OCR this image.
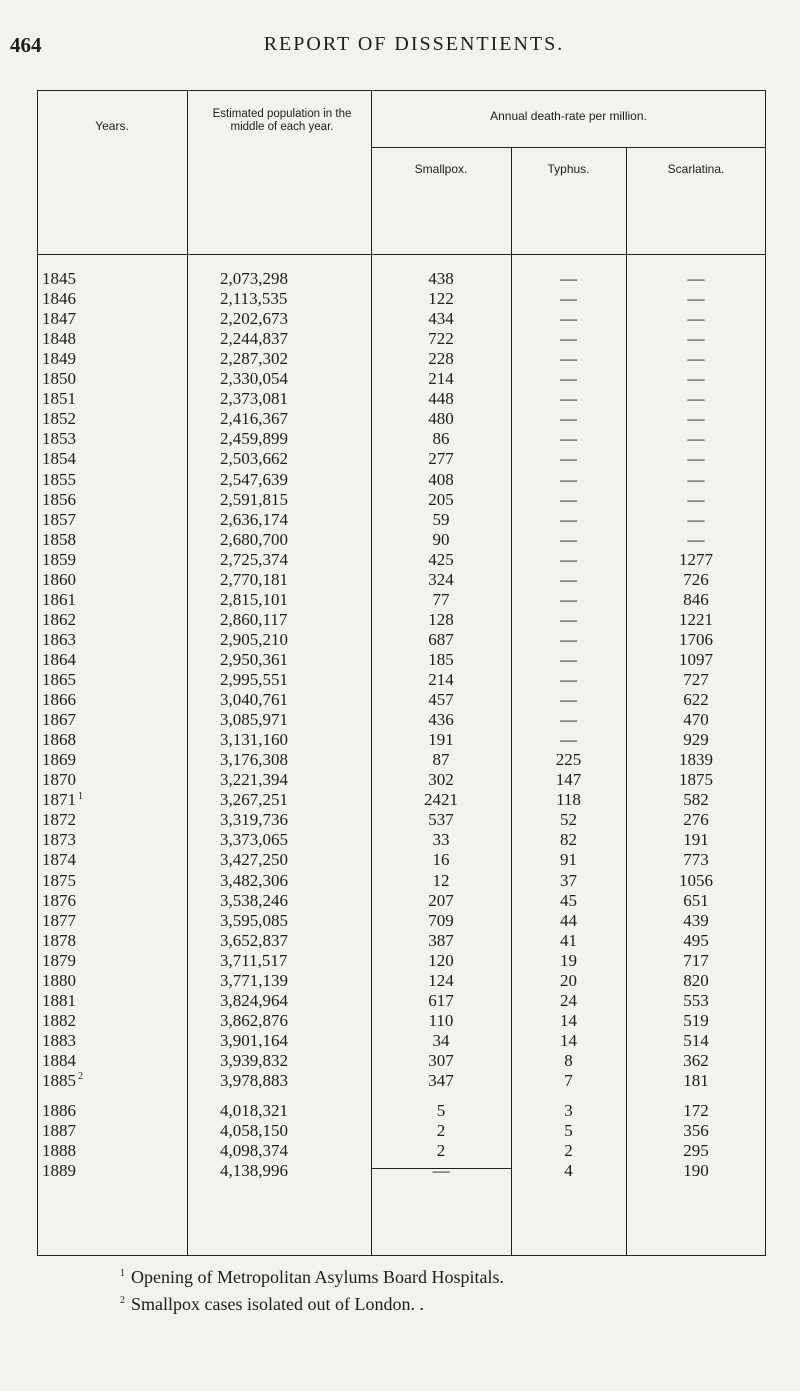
464	REPORT OF DISSENTIENTS.
Years.
Estimated population in the middle of each year.
Annual death-rate per million.
Smallpox.	Typhus.	Scarlatina.
1845	2,073,298	438	—	—
1846	2,113,535	122	—	—
1847	2,202,673	434	—	—
1848	2,244,837	722	—	—
1849	2,287,302	228	—	—
1850	2,330,054	214	—	—
1851	2,373,081	448	—	—
1852	2,416,367	480	—	—
1853	2,459,899	86	—	—
1854	2,503,662	277	—	—
1855	2,547,639	408	—	—
1856	2,591,815	205	—	—
1857	2,636,174	59	—	—
1858	2,680,700	90	—	—
1859	2,725,374	425	—	1277
1860	2,770,181	324	—	726
1861	2,815,101	77	—	846
1862	2,860,117	128	—	1221
1863	2,905,210	687	—	1706
1864	2,950,361	185	—	1097
1865	2,995,551	214	—	727
1866	3,040,761	457	—	622
1867	3,085,971	436	—	470
1868	3,131,160	191	—	929
1869	3,176,308	87	225	1839
1870	3,221,394	302	147	1875
1871 $^1$	3,267,251	2421	118	582
1872	3,319,736	537	52	276
1873	3,373,065	33	82	191
1874	3,427,250	16	91	773
1875	3,482,306	12	37	1056
1876	3,538,246	207	45	651
1877	3,595,085	709	44	439
1878	3,652,837	387	41	495
1879	3,711,517	120	19	717
1880	3,771,139	124	20	820
1881	3,824,964	617	24	553
1882	3,862,876	110	14	519
1883	3,901,164	34	14	514
1884	3,939,832	307	8	362
1885 $^2$	3,978,883	347	7	181
1886	4,018,321	5	3	172
1887	4,058,150	2	5	356
1888	4,098,374	2	2	295
1889	4,138,996	—	4	190
$^1$ Opening of Metropolitan Asylums Board Hospitals.
$^2$ Smallpox cases isolated out of London. .
